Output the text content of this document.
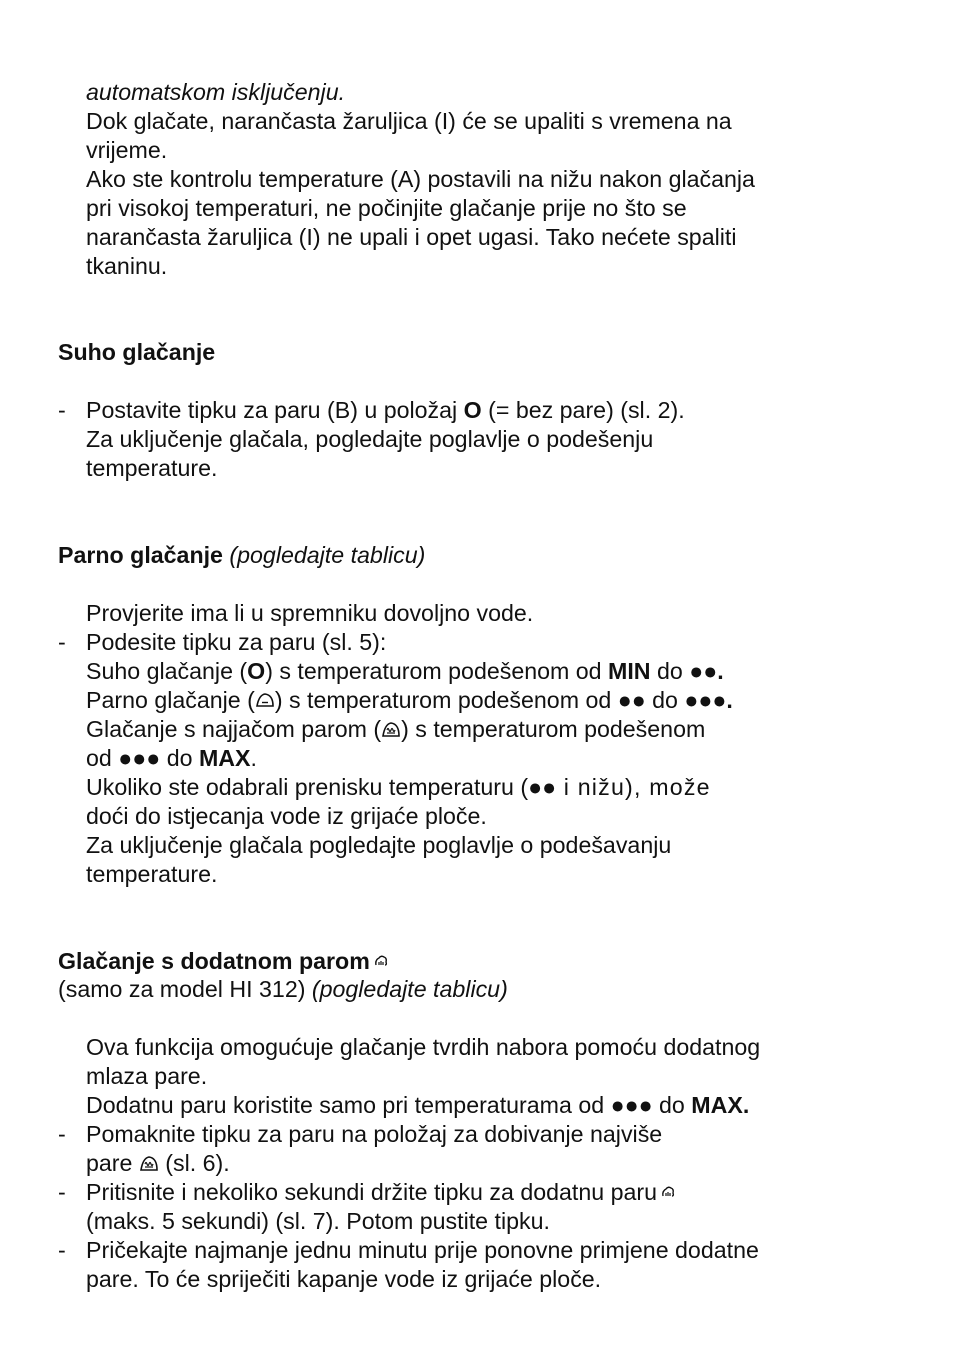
automatskom isključenju.
Dok glačate, narančasta žaruljica (I) će se upaliti s vremena na
vrijeme.
Ako ste kontrolu temperature (A) postavili na nižu nakon glačanja
pri visokoj temperaturi, ne počinjite glačanje prije no što se
narančasta žaruljica (I) ne upali i opet ugasi. Tako nećete spaliti
tkaninu.
Suho glačanje
- Postavite tipku za paru (B) u položaj O (= bez pare) (sl. 2).
Za uključenje glačala, pogledajte poglavlje o podešenju
temperature.
Parno glačanje (pogledajte tablicu)
Provjerite ima li u spremniku dovoljno vode.
- Podesite tipku za paru (sl. 5):
Suho glačanje (O) s temperaturom podešenom od MIN do ●●.
Parno glačanje ( ) s temperaturom podešenom od ●● do ●●●.
Glačanje s najjačom parom ( ) s temperaturom podešenom
od ●●● do MAX.
Ukoliko ste odabrali prenisku temperaturu (●● i nižu), može
doći do istjecanja vode iz grijaće ploče.
Za uključenje glačala pogledajte poglavlje o podešavanju
temperature.
Glačanje s dodatnom parom
(samo za model HI 312) (pogledajte tablicu)
Ova funkcija omogućuje glačanje tvrdih nabora pomoću dodatnog
mlaza pare.
Dodatnu paru koristite samo pri temperaturama od ●●● do MAX.
- Pomaknite tipku za paru na položaj za dobivanje najviše
pare
(sl. 6).
- Pritisnite i nekoliko sekundi držite tipku za dodatnu paru
(maks. 5 sekundi) (sl. 7). Potom pustite tipku.
- Pričekajte najmanje jednu minutu prije ponovne primjene dodatne
pare. To će spriječiti kapanje vode iz grijaće ploče.
